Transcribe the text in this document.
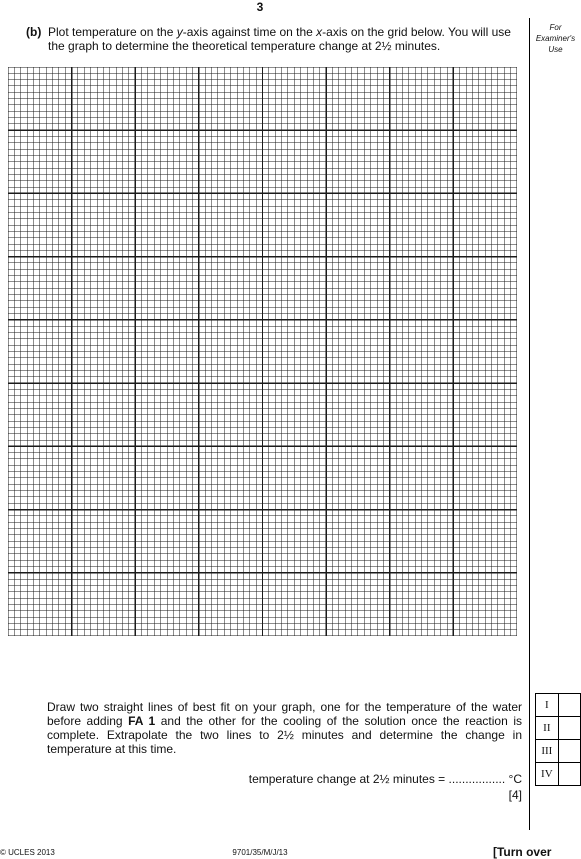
3
(b) Plot temperature on the y-axis against time on the x-axis on the grid below. You will use the graph to determine the theoretical temperature change at 2½ minutes.
For
Examiner's
Use
Draw two straight lines of best fit on your graph, one for the temperature of the water before adding FA 1 and the other for the cooling of the solution once the reaction is complete. Extrapolate the two lines to 2½ minutes and determine the change in temperature at this time.
temperature change at 2½ minutes = ................. °C
[4]
I	
II	
III	
IV	
© UCLES 2013	9701/35/M/J/13	[Turn over
